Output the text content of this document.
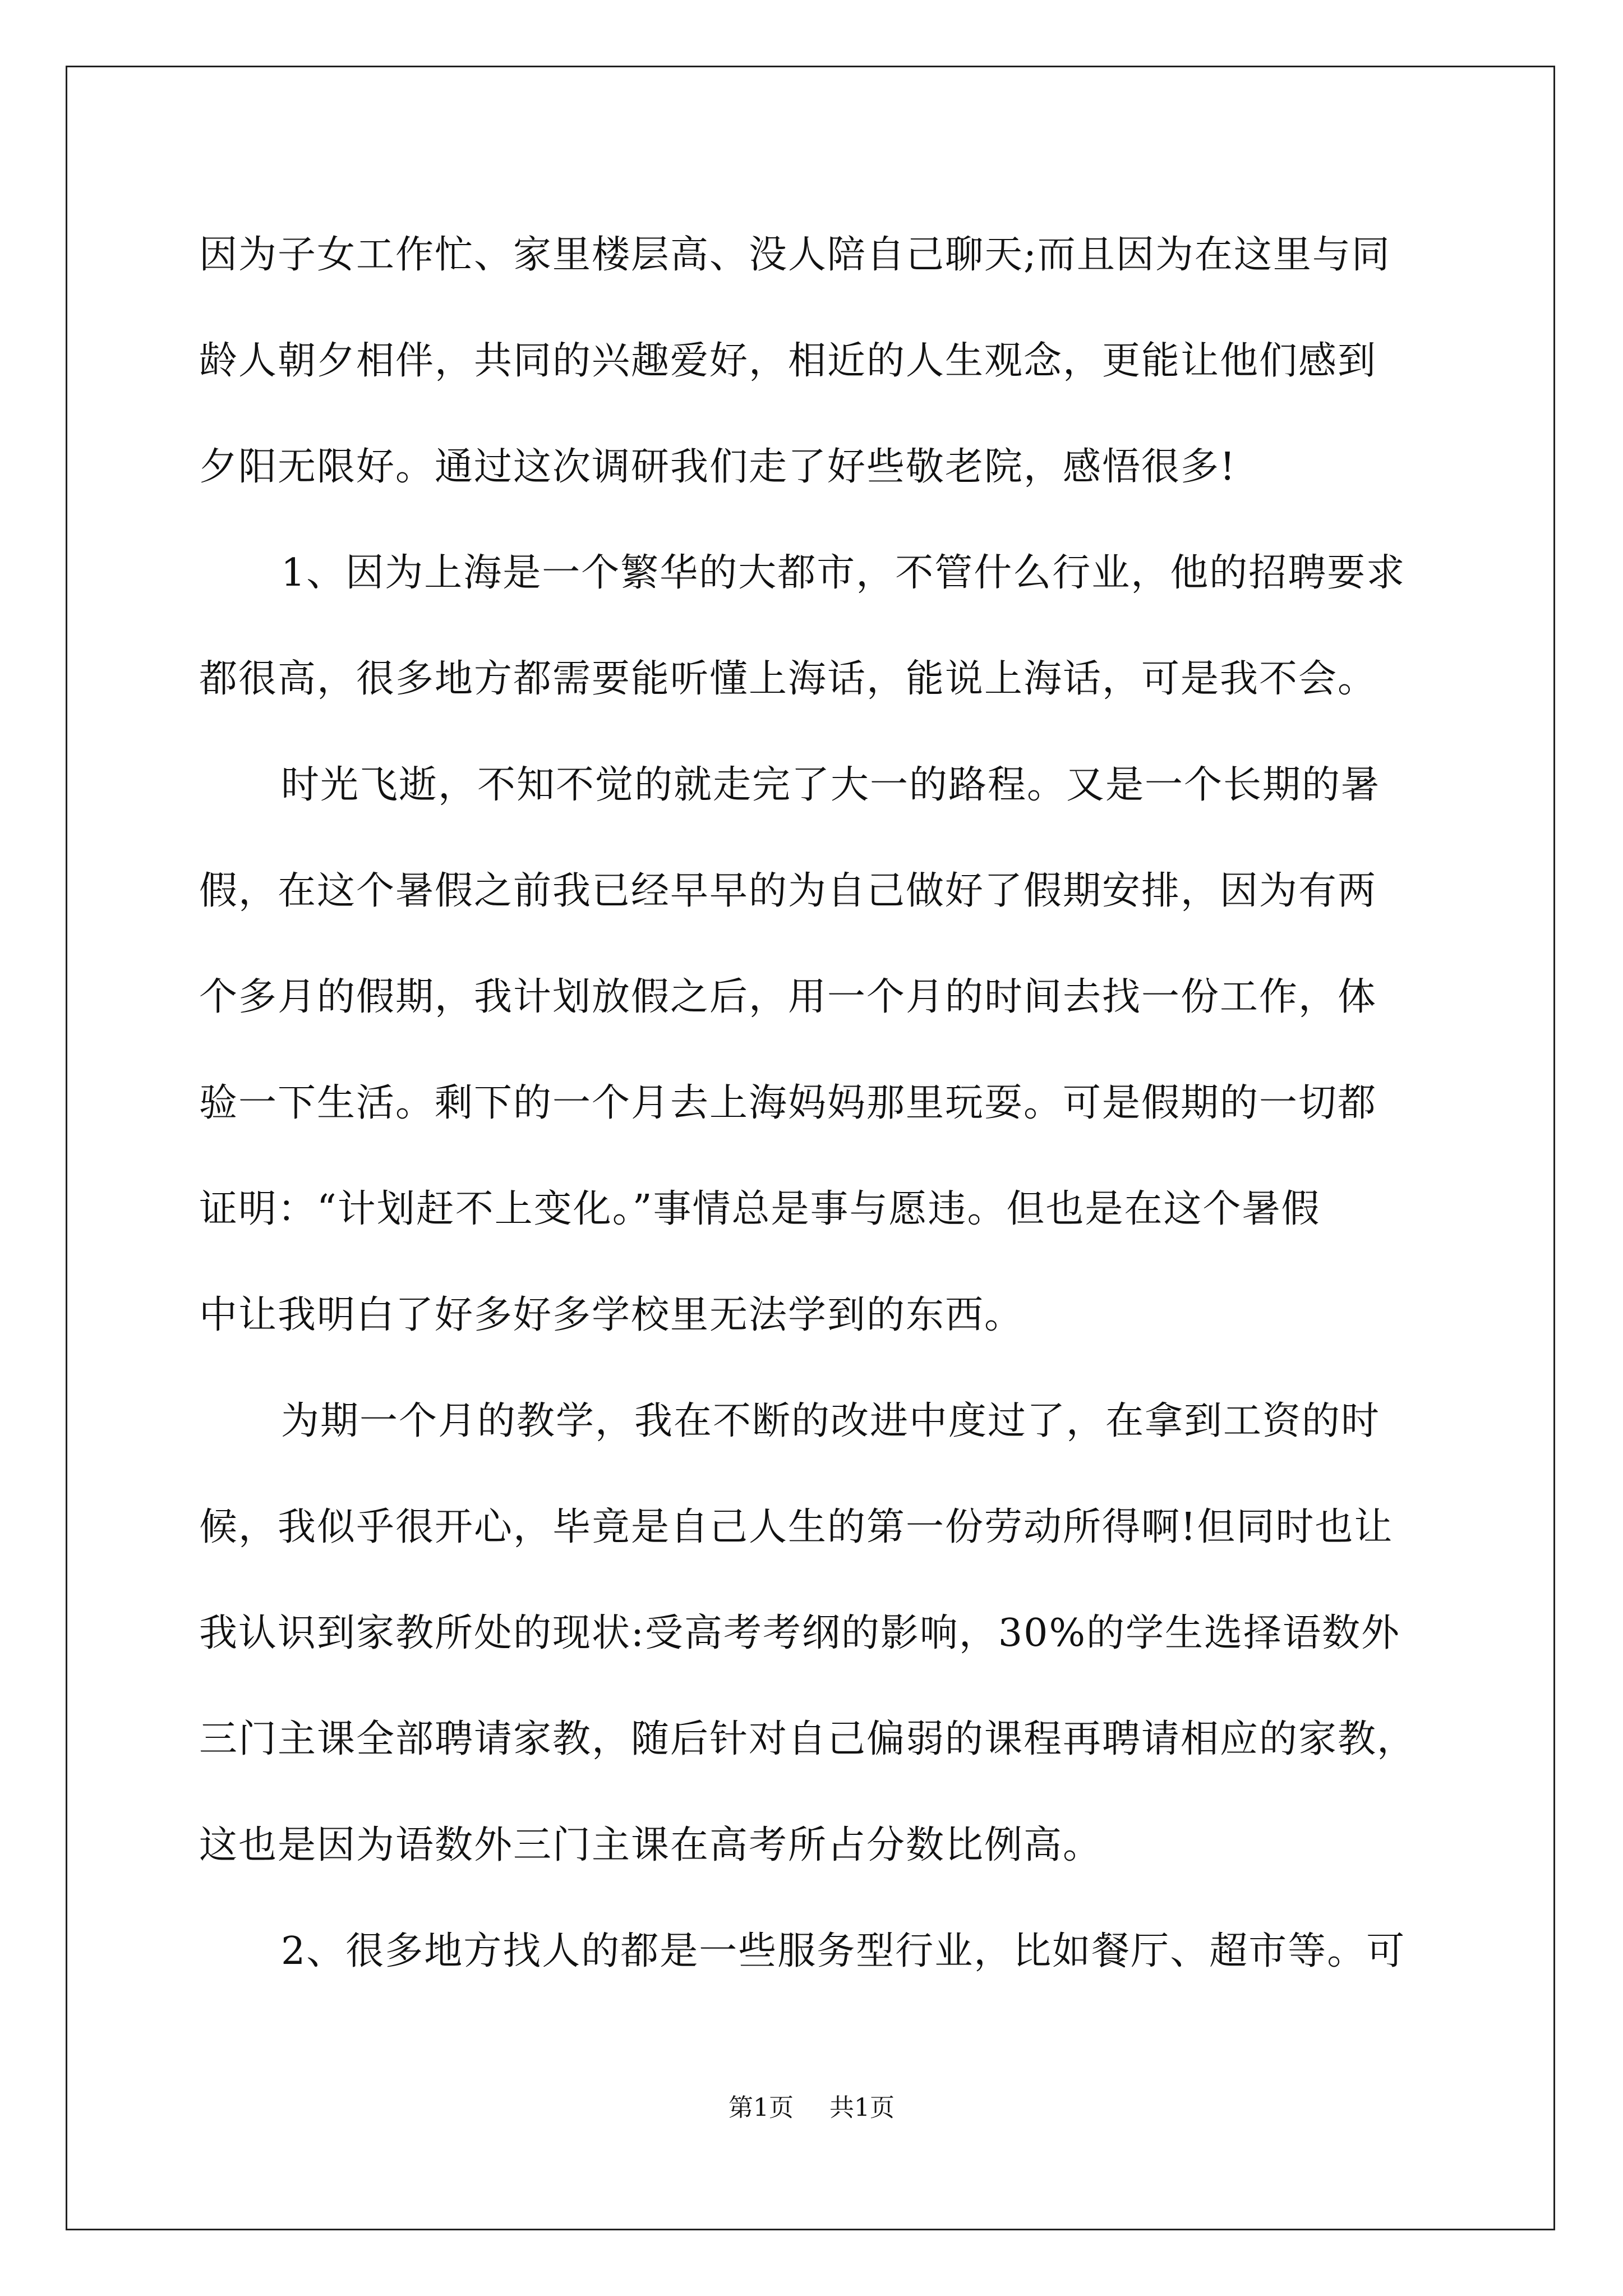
因为子女工作忙、家里楼层高、没人陪自己聊天;而且因为在这里与同
龄人朝夕相伴，共同的兴趣爱好，相近的人生观念，更能让他们感到
夕阳无限好。通过这次调研我们走了好些敬老院，感悟很多!
1、因为上海是一个繁华的大都市，不管什么行业，他的招聘要求
都很高，很多地方都需要能听懂上海话，能说上海话，可是我不会。
时光飞逝，不知不觉的就走完了大一的路程。又是一个长期的暑
假，在这个暑假之前我已经早早的为自己做好了假期安排，因为有两
个多月的假期，我计划放假之后，用一个月的时间去找一份工作，体
验一下生活。剩下的一个月去上海妈妈那里玩耍。可是假期的一切都
证明：“计划赶不上变化。”事情总是事与愿违。但也是在这个暑假
中让我明白了好多好多学校里无法学到的东西。
为期一个月的教学，我在不断的改进中度过了，在拿到工资的时
候，我似乎很开心，毕竟是自己人生的第一份劳动所得啊!但同时也让
我认识到家教所处的现状:受高考考纲的影响，30%的学生选择语数外
三门主课全部聘请家教，随后针对自己偏弱的课程再聘请相应的家教，
这也是因为语数外三门主课在高考所占分数比例高。
2、很多地方找人的都是一些服务型行业，比如餐厅、超市等。可
第1页 共1页
